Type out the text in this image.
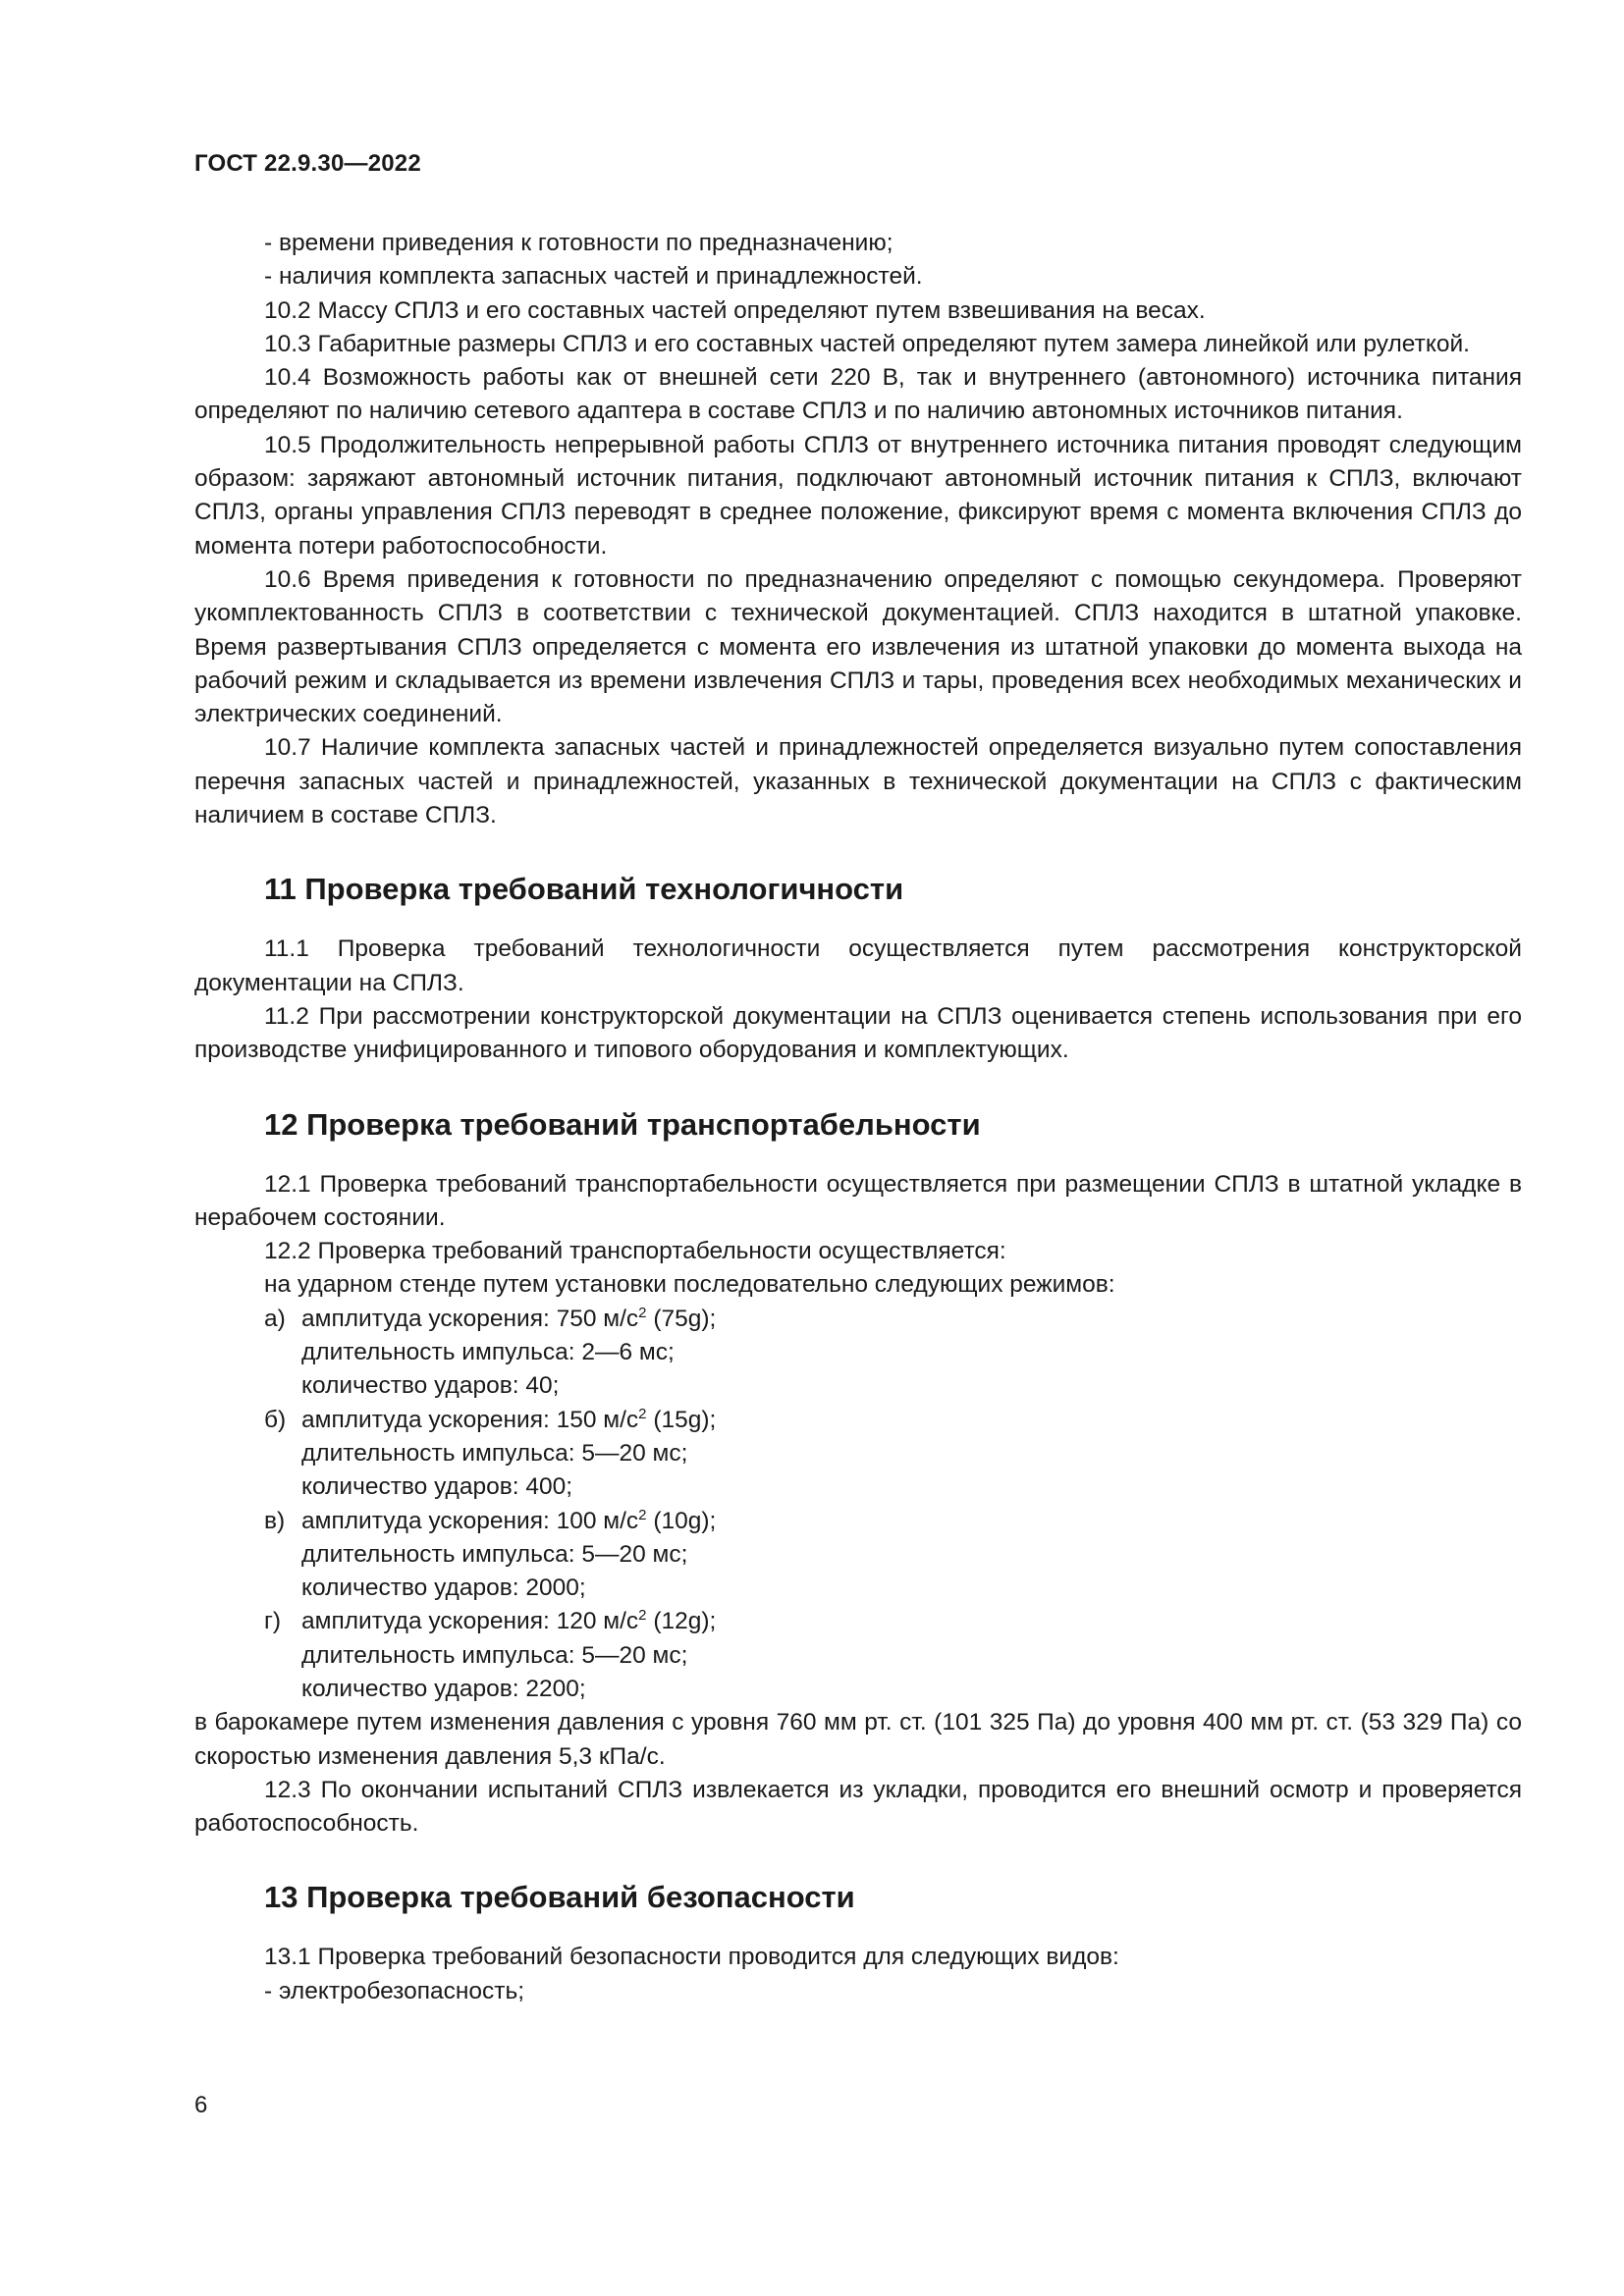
ГОСТ 22.9.30—2022

- времени приведения к готовности по предназначению;

- наличия комплекта запасных частей и принадлежностей.

10.2 Массу СПЛЗ и его составных частей определяют путем взвешивания на весах.

10.3 Габаритные размеры СПЛЗ и его составных частей определяют путем замера линейкой или рулеткой.

10.4 Возможность работы как от внешней сети 220 В, так и внутреннего (автономного) источника питания определяют по наличию сетевого адаптера в составе СПЛЗ и по наличию автономных источников питания.

10.5 Продолжительность непрерывной работы СПЛЗ от внутреннего источника питания проводят следующим образом: заряжают автономный источник питания, подключают автономный источник питания к СПЛЗ, включают СПЛЗ, органы управления СПЛЗ переводят в среднее положение, фиксируют время с момента включения СПЛЗ до момента потери работоспособности.

10.6 Время приведения к готовности по предназначению определяют с помощью секундомера. Проверяют укомплектованность СПЛЗ в соответствии с технической документацией. СПЛЗ находится в штатной упаковке. Время развертывания СПЛЗ определяется с момента его извлечения из штатной упаковки до момента выхода на рабочий режим и складывается из времени извлечения СПЛЗ и тары, проведения всех необходимых механических и электрических соединений.

10.7 Наличие комплекта запасных частей и принадлежностей определяется визуально путем сопоставления перечня запасных частей и принадлежностей, указанных в технической документации на СПЛЗ с фактическим наличием в составе СПЛЗ.

11 Проверка требований технологичности

11.1 Проверка требований технологичности осуществляется путем рассмотрения конструкторской документации на СПЛЗ.

11.2 При рассмотрении конструкторской документации на СПЛЗ оценивается степень использования при его производстве унифицированного и типового оборудования и комплектующих.

12 Проверка требований транспортабельности

12.1 Проверка требований транспортабельности осуществляется при размещении СПЛЗ в штатной укладке в нерабочем состоянии.

12.2 Проверка требований транспортабельности осуществляется:

на ударном стенде путем установки последовательно следующих режимов:

а) амплитуда ускорения: 750 $м/с^2$ (75g);

длительность импульса: 2—6 мс;

количество ударов: 40;

б) амплитуда ускорения: 150 $м/с^2$ (15g);

длительность импульса: 5—20 мс;

количество ударов: 400;

в) амплитуда ускорения: 100 $м/с^2$ (10g);

длительность импульса: 5—20 мс;

количество ударов: 2000;

г) амплитуда ускорения: 120 $м/с^2$ (12g);

длительность импульса: 5—20 мс;

количество ударов: 2200;

в барокамере путем изменения давления с уровня 760 мм рт. ст. (101 325 Па) до уровня 400 мм рт. ст. (53 329 Па) со скоростью изменения давления 5,3 кПа/с.

12.3 По окончании испытаний СПЛЗ извлекается из укладки, проводится его внешний осмотр и проверяется работоспособность.

13 Проверка требований безопасности

13.1 Проверка требований безопасности проводится для следующих видов:

- электробезопасность;

6
